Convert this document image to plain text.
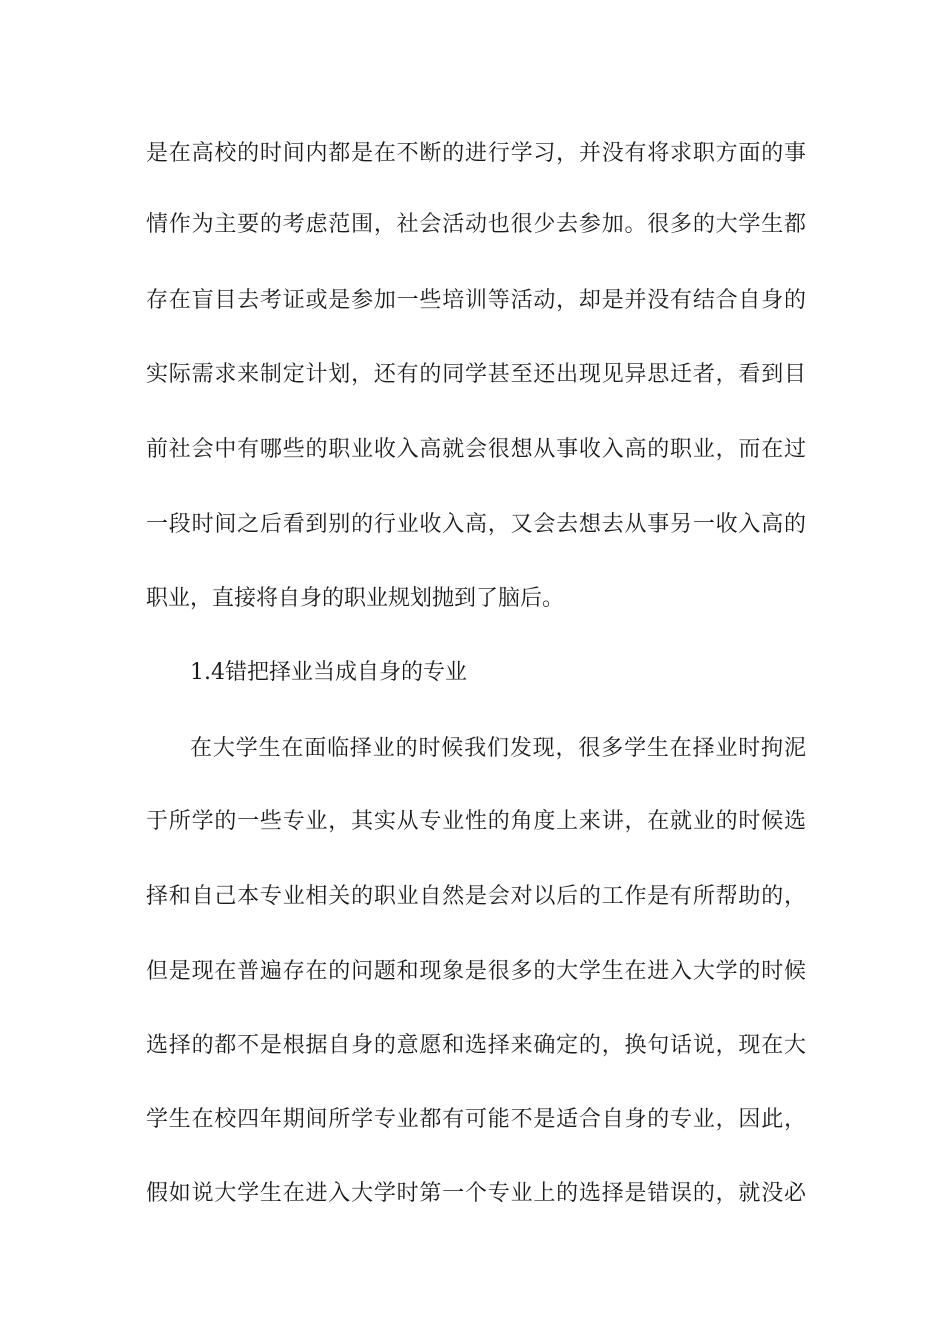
是在高校的时间内都是在不断的进行学习，并没有将求职方面的事
情作为主要的考虑范围，社会活动也很少去参加。很多的大学生都
存在盲目去考证或是参加一些培训等活动，却是并没有结合自身的
实际需求来制定计划，还有的同学甚至还出现见异思迁者，看到目
前社会中有哪些的职业收入高就会很想从事收入高的职业，而在过
一段时间之后看到别的行业收入高，又会去想去从事另一收入高的
职业，直接将自身的职业规划抛到了脑后。
1.4错把择业当成自身的专业
在大学生在面临择业的时候我们发现，很多学生在择业时拘泥
于所学的一些专业，其实从专业性的角度上来讲，在就业的时候选
择和自己本专业相关的职业自然是会对以后的工作是有所帮助的，
但是现在普遍存在的问题和现象是很多的大学生在进入大学的时候
选择的都不是根据自身的意愿和选择来确定的，换句话说，现在大
学生在校四年期间所学专业都有可能不是适合自身的专业，因此，
假如说大学生在进入大学时第一个专业上的选择是错误的，就没必
